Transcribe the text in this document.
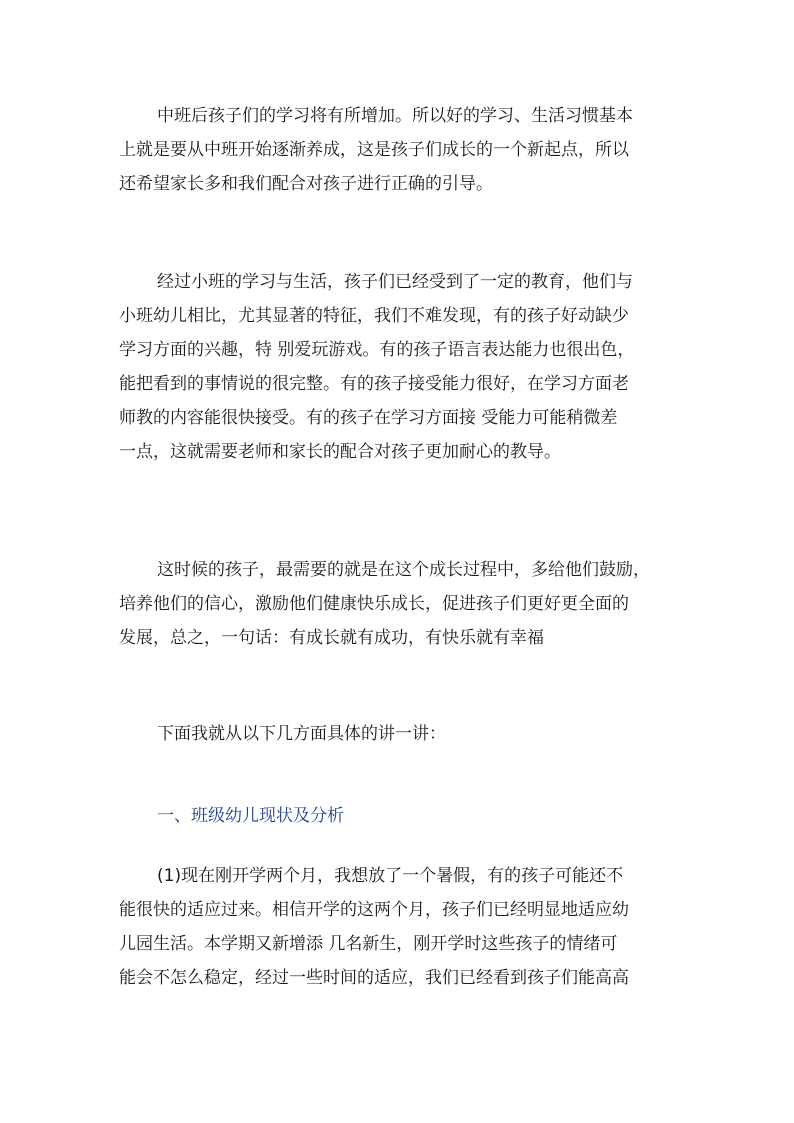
中班后孩子们的学习将有所增加。所以好的学习、生活习惯基本
上就是要从中班开始逐渐养成，这是孩子们成长的一个新起点，所以
还希望家长多和我们配合对孩子进行正确的引导。
经过小班的学习与生活，孩子们已经受到了一定的教育，他们与
小班幼儿相比，尤其显著的特征，我们不难发现，有的孩子好动缺少
学习方面的兴趣，特 别爱玩游戏。有的孩子语言表达能力也很出色，
能把看到的事情说的很完整。有的孩子接受能力很好，在学习方面老
师教的内容能很快接受。有的孩子在学习方面接 受能力可能稍微差
一点，这就需要老师和家长的配合对孩子更加耐心的教导。
这时候的孩子，最需要的就是在这个成长过程中，多给他们鼓励，
培养他们的信心，激励他们健康快乐成长，促进孩子们更好更全面的
发展，总之，一句话：有成长就有成功，有快乐就有幸福
下面我就从以下几方面具体的讲一讲：
一、班级幼儿现状及分析
(1)现在刚开学两个月，我想放了一个暑假，有的孩子可能还不
能很快的适应过来。相信开学的这两个月，孩子们已经明显地适应幼
儿园生活。本学期又新增添 几名新生，刚开学时这些孩子的情绪可
能会不怎么稳定，经过一些时间的适应，我们已经看到孩子们能高高
